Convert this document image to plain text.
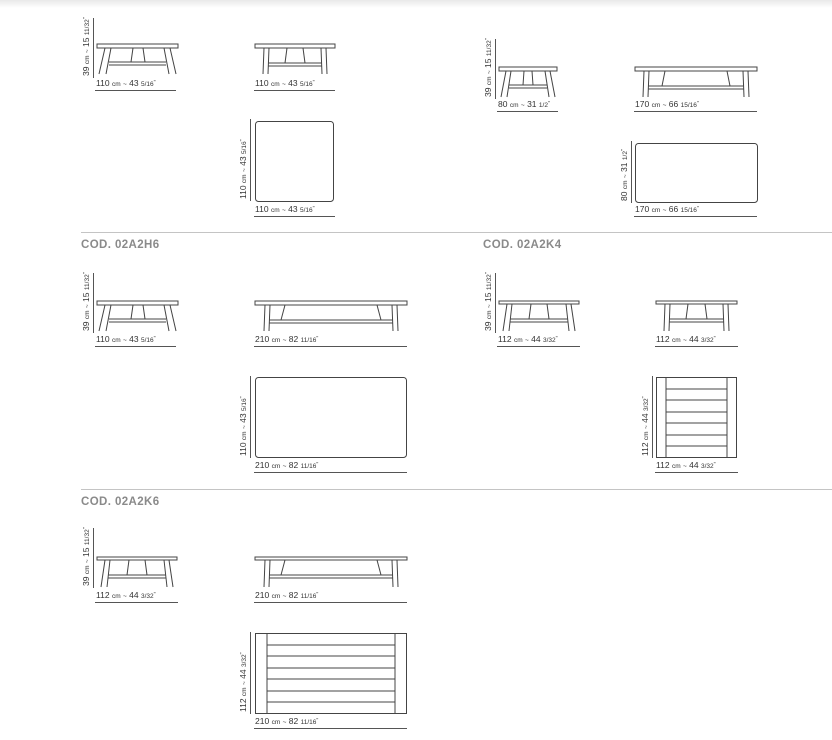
COD. 02A2H6	COD. 02A2K4
COD. 02A2K6
39 cm ~ 15 11/32"
110 cm ~ 43 5/16"	110 cm ~ 43 5/16"
110 cm ~ 43 5/16"
110 cm ~ 43 5/16"
39 cm ~ 15 11/32"
80 cm ~ 31 1/2"	170 cm ~ 66 15/16"
80 cm ~ 31 1/2"
170 cm ~ 66 15/16"
39 cm ~ 15 11/32"
110 cm ~ 43 5/16"	210 cm ~ 82 11/16"
110 cm ~ 43 5/16"
210 cm ~ 82 11/16"
39 cm ~ 15 11/32"
112 cm ~ 44 3/32"	112 cm ~ 44 3/32"
112 cm ~ 44 3/32"
112 cm ~ 44 3/32"
39 cm ~ 15 11/32"
112 cm ~ 44 3/32"	210 cm ~ 82 11/16"
112 cm ~ 44 3/32"
210 cm ~ 82 11/16"
